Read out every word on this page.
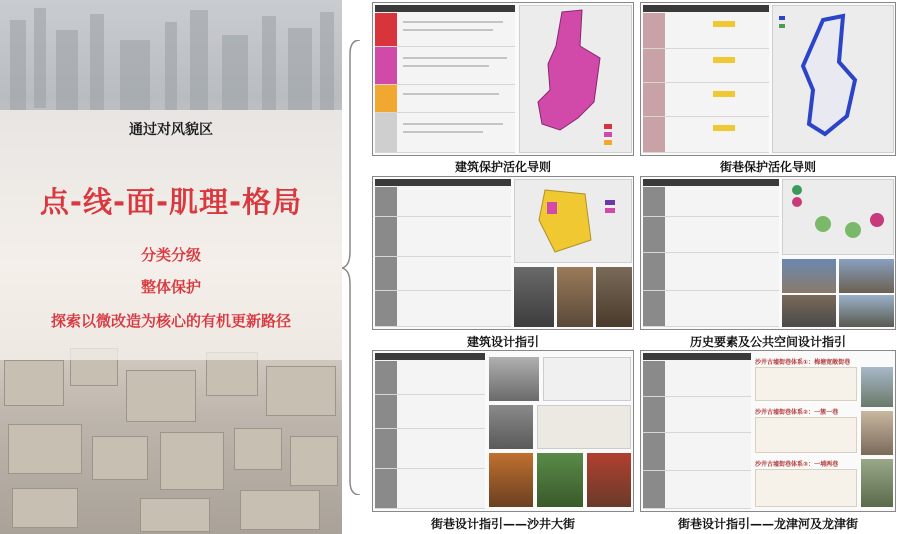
通过对风貌区
点-线-面-肌理-格局
分类分级
整体保护
探索以微改造为核心的有机更新路径
建筑保护活化导则	街巷保护活化导则
建筑设计指引	历史要素及公共空间设计指引
街巷设计指引——沙井大街
沙井古墟街巷体系①：梅塘宽敞街巷
沙井古墟街巷体系②：一簇一巷
沙井古墟街巷体系③：一埔两巷
街巷设计指引——龙津河及龙津街
